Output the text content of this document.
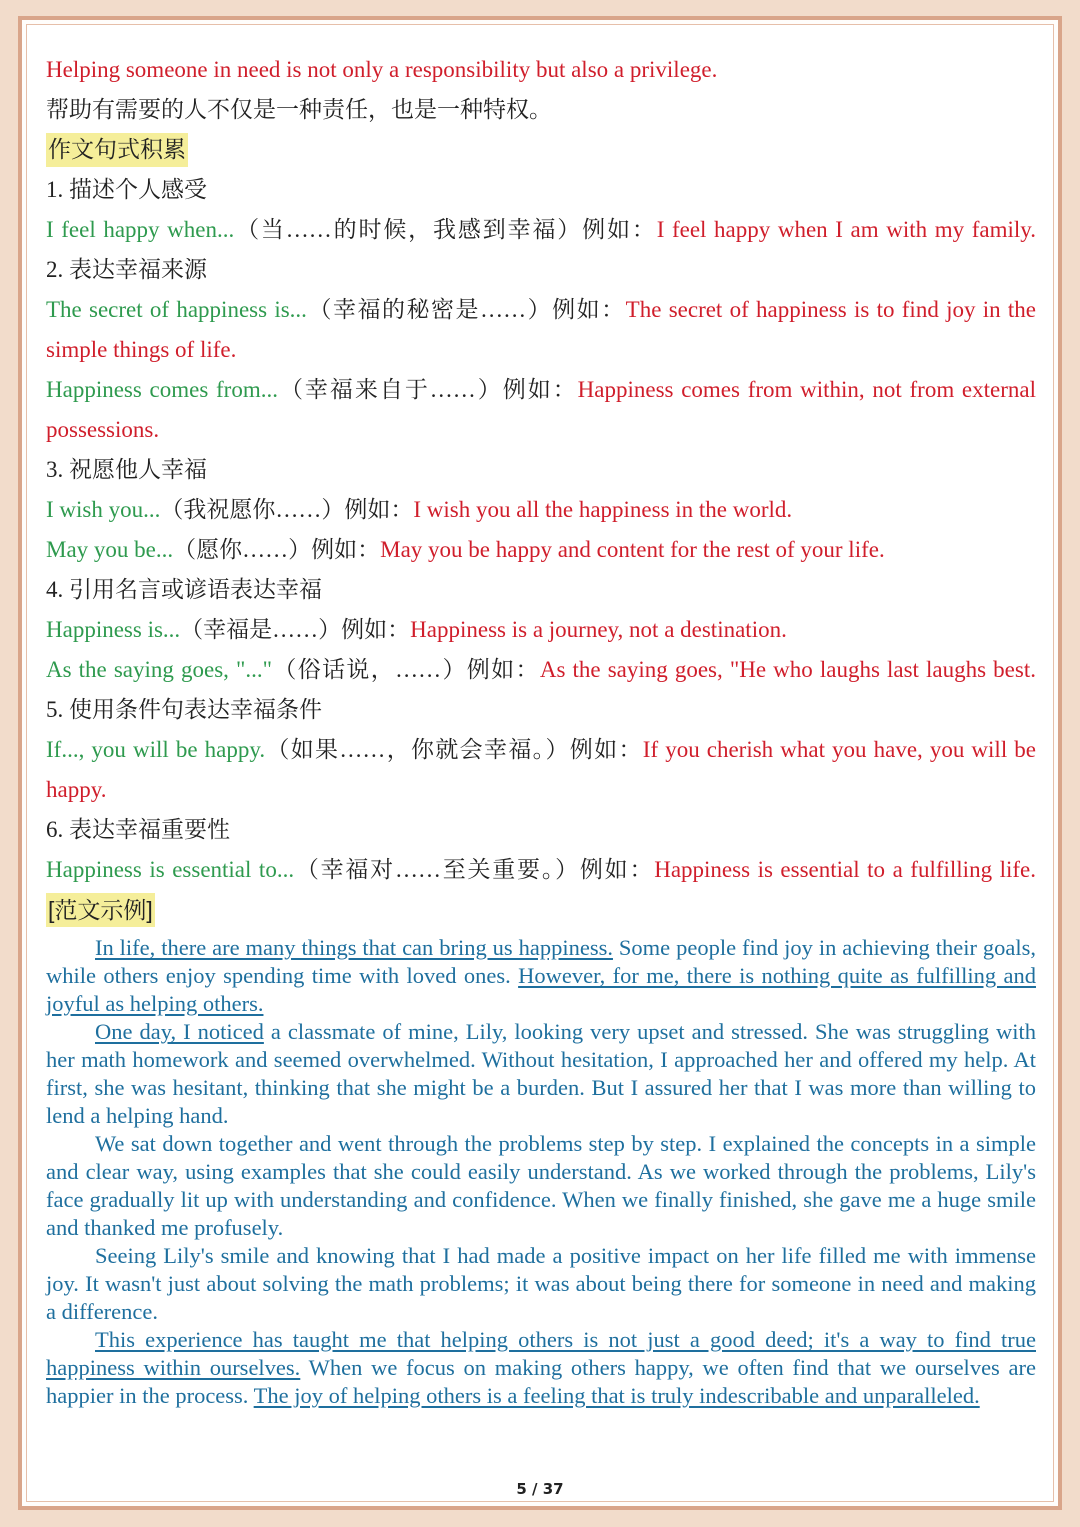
Helping someone in need is not only a responsibility but also a privilege.
帮助有需要的人不仅是一种责任，也是一种特权。
作文句式积累
1. 描述个人感受
I feel happy when...（当……的时候，我感到幸福）例如：I feel happy when I am with my family.
2. 表达幸福来源
The secret of happiness is...（幸福的秘密是……）例如：The secret of happiness is to find joy in the simple things of life.
Happiness comes from...（幸福来自于……）例如：Happiness comes from within, not from external possessions.
3. 祝愿他人幸福
I wish you...（我祝愿你……）例如：I wish you all the happiness in the world.
May you be...（愿你……）例如：May you be happy and content for the rest of your life.
4. 引用名言或谚语表达幸福
Happiness is...（幸福是……）例如：Happiness is a journey, not a destination.
As the saying goes, "..."（俗话说，……）例如：As the saying goes, "He who laughs last laughs best.
5. 使用条件句表达幸福条件
If..., you will be happy.（如果……，你就会幸福。）例如：If you cherish what you have, you will be happy.
6. 表达幸福重要性
Happiness is essential to...（幸福对……至关重要。）例如：Happiness is essential to a fulfilling life.
[范文示例]

In life, there are many things that can bring us happiness. Some people find joy in achieving their goals, while others enjoy spending time with loved ones. However, for me, there is nothing quite as fulfilling and joyful as helping others.

One day, I noticed a classmate of mine, Lily, looking very upset and stressed. She was struggling with her math homework and seemed overwhelmed. Without hesitation, I approached her and offered my help. At first, she was hesitant, thinking that she might be a burden. But I assured her that I was more than willing to lend a helping hand.

We sat down together and went through the problems step by step. I explained the concepts in a simple and clear way, using examples that she could easily understand. As we worked through the problems, Lily's face gradually lit up with understanding and confidence. When we finally finished, she gave me a huge smile and thanked me profusely.

Seeing Lily's smile and knowing that I had made a positive impact on her life filled me with immense joy. It wasn't just about solving the math problems; it was about being there for someone in need and making a difference.

This experience has taught me that helping others is not just a good deed; it's a way to find true happiness within ourselves. When we focus on making others happy, we often find that we ourselves are happier in the process. The joy of helping others is a feeling that is truly indescribable and unparalleled.

5 / 37
